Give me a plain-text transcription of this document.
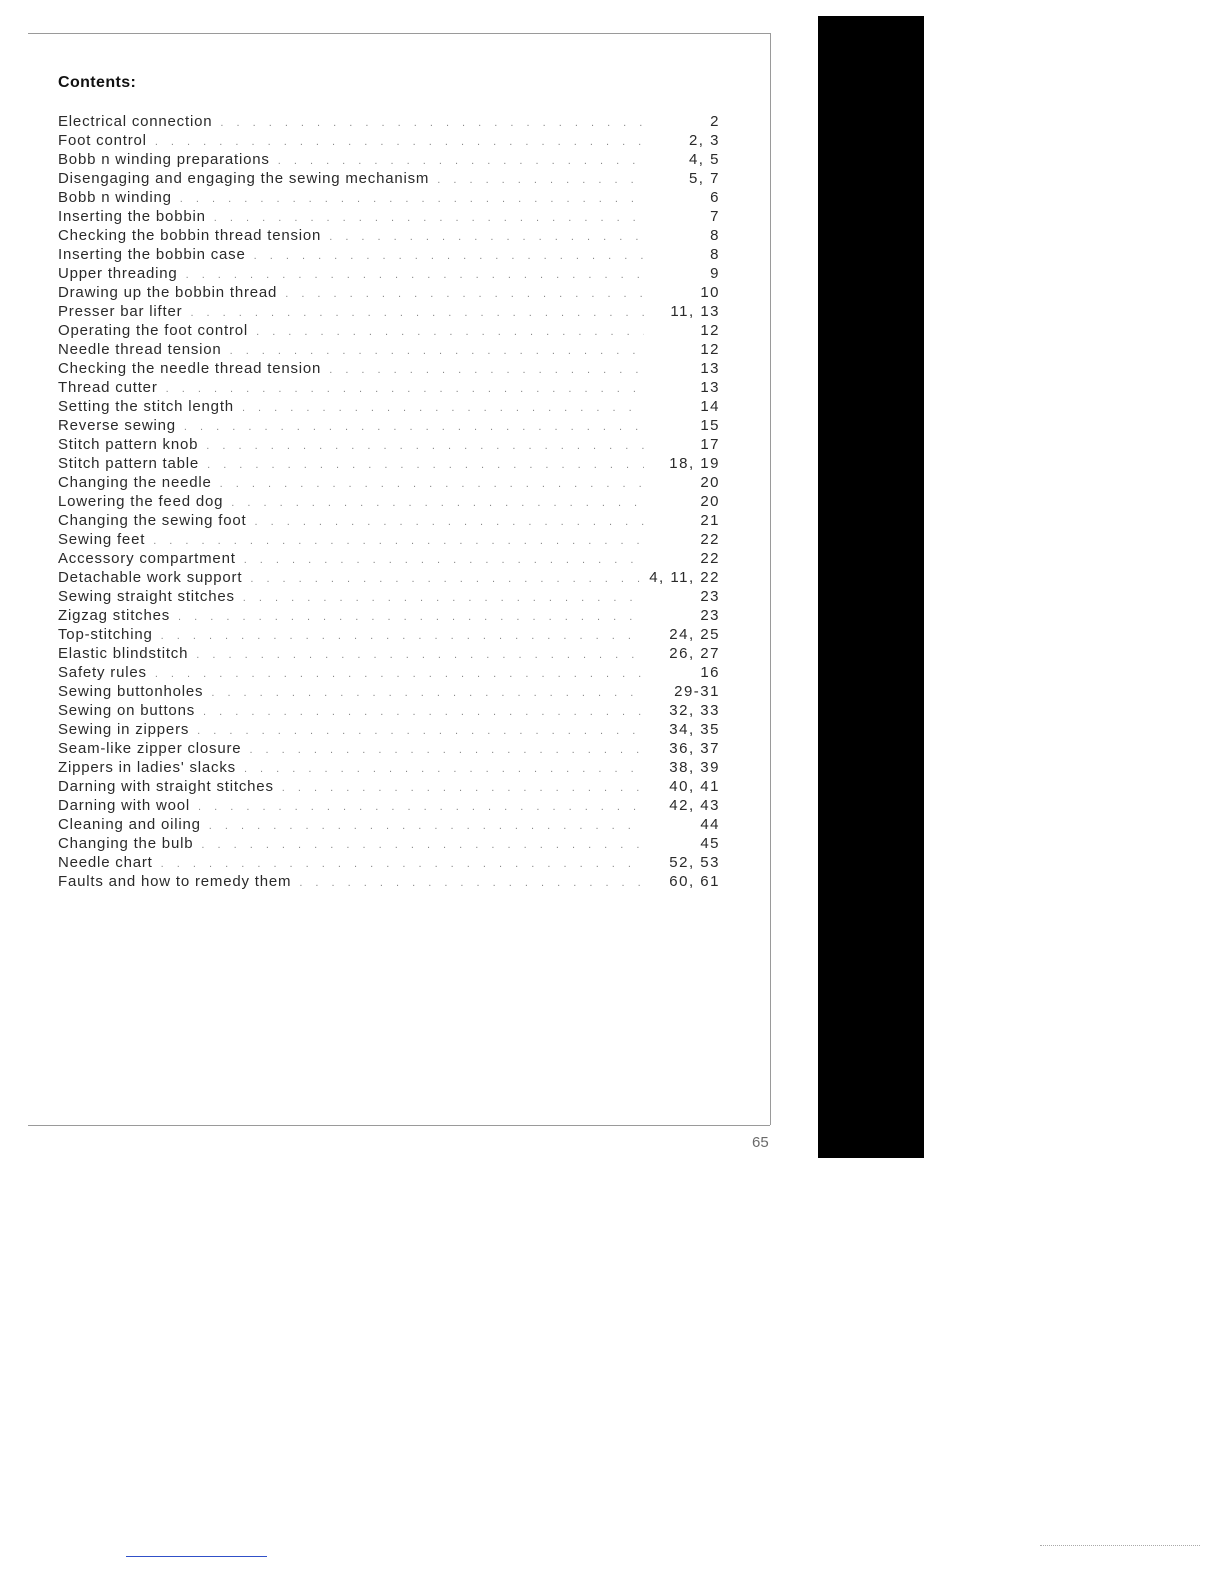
Contents:
Electrical connection . . .	2
Foot control . . .	2, 3
Bobb n winding preparations . . .	4, 5
Disengaging and engaging the sewing mechanism . . .	5, 7
Bobb n winding . . .	6
Inserting the bobbin . . .	7
Checking the bobbin thread tension . . .	8
Inserting the bobbin case . . .	8
Upper threading . . .	9
Drawing up the bobbin thread . . .	10
Presser bar lifter . . .	11, 13
Operating the foot control . . .	12
Needle thread tension . . .	12
Checking the needle thread tension . . .	13
Thread cutter . . .	13
Setting the stitch length . . .	14
Reverse sewing . . .	15
Stitch pattern knob . . .	17
Stitch pattern table . . .	18, 19
Changing the needle . . .	20
Lowering the feed dog . . .	20
Changing the sewing foot . . .	21
Sewing feet . . .	22
Accessory compartment . . .	22
Detachable work support . . .	4, 11, 22
Sewing straight stitches . . .	23
Zigzag stitches . . .	23
Top-stitching . . .	24, 25
Elastic blindstitch . . .	26, 27
Safety rules . . .	16
Sewing buttonholes . . .	29-31
Sewing on buttons . . .	32, 33
Sewing in zippers . . .	34, 35
Seam-like zipper closure . . .	36, 37
Zippers in ladies' slacks . . .	38, 39
Darning with straight stitches . . .	40, 41
Darning with wool . . .	42, 43
Cleaning and oiling . . .	44
Changing the bulb . . .	45
Needle chart . . .	52, 53
Faults and how to remedy them . . .	60, 61
65
